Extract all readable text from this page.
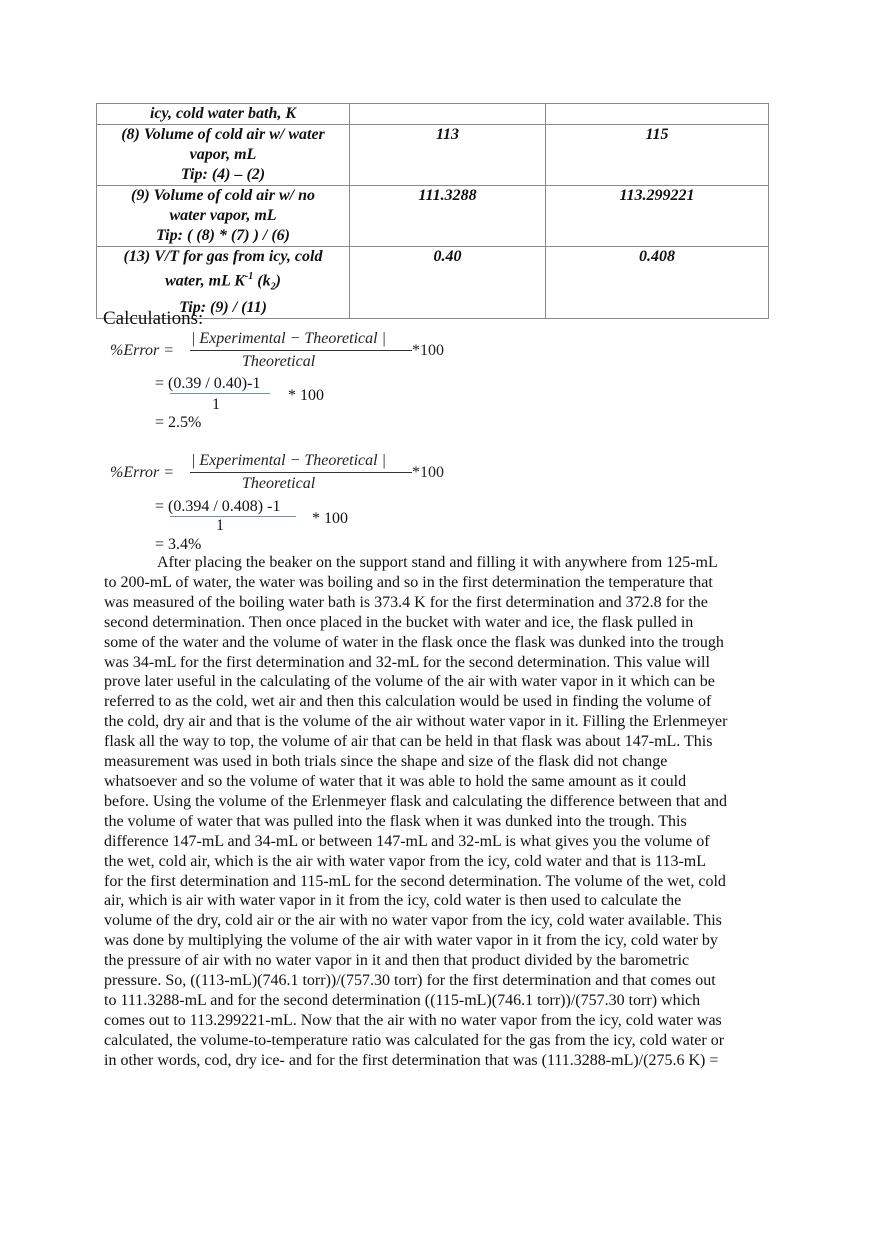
icy, cold water bath, K		

(8) Volume of cold air w/ water
vapor, mL
Tip: (4) – (2)	113	115

(9) Volume of cold air w/ no
water vapor, mL
Tip: ( (8) * (7) ) / (6)	111.3288	113.299221

(13) V/T for gas from icy, cold
water, mL $K^{-1}$ $(k_2)$
Tip: (9) / (11)	0.40	0.408
Calculations:
%Error =
| Experimental − Theoretical |
Theoretical
*100
= (0.39 / 0.40)-1
1
* 100
= 2.5%
%Error =
| Experimental − Theoretical |
Theoretical
*100
= (0.394 / 0.408) -1
1	* 100
= 3.4%
After placing the beaker on the support stand and filling it with anywhere from 125-mL
to 200-mL of water, the water was boiling and so in the first determination the temperature that
was measured of the boiling water bath is 373.4 K for the first determination and 372.8 for the
second determination. Then once placed in the bucket with water and ice, the flask pulled in
some of the water and the volume of water in the flask once the flask was dunked into the trough
was 34-mL for the first determination and 32-mL for the second determination. This value will
prove later useful in the calculating of the volume of the air with water vapor in it which can be
referred to as the cold, wet air and then this calculation would be used in finding the volume of
the cold, dry air and that is the volume of the air without water vapor in it. Filling the Erlenmeyer
flask all the way to top, the volume of air that can be held in that flask was about 147-mL. This
measurement was used in both trials since the shape and size of the flask did not change
whatsoever and so the volume of water that it was able to hold the same amount as it could
before. Using the volume of the Erlenmeyer flask and calculating the difference between that and
the volume of water that was pulled into the flask when it was dunked into the trough. This
difference 147-mL and 34-mL or between 147-mL and 32-mL is what gives you the volume of
the wet, cold air, which is the air with water vapor from the icy, cold water and that is 113-mL
for the first determination and 115-mL for the second determination. The volume of the wet, cold
air, which is air with water vapor in it from the icy, cold water is then used to calculate the
volume of the dry, cold air or the air with no water vapor from the icy, cold water available. This
was done by multiplying the volume of the air with water vapor in it from the icy, cold water by
the pressure of air with no water vapor in it and then that product divided by the barometric
pressure. So, ((113-mL)(746.1 torr))/(757.30 torr) for the first determination and that comes out
to 111.3288-mL and for the second determination ((115-mL)(746.1 torr))/(757.30 torr) which
comes out to 113.299221-mL. Now that the air with no water vapor from the icy, cold water was
calculated, the volume-to-temperature ratio was calculated for the gas from the icy, cold water or
in other words, cod, dry ice- and for the first determination that was (111.3288-mL)/(275.6 K) =
